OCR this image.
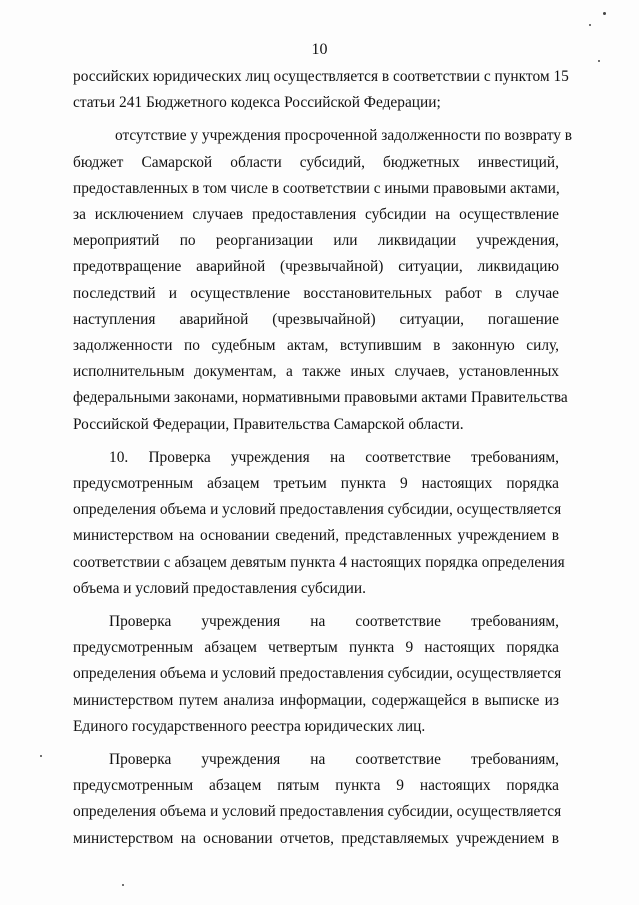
10

российских юридических лиц осуществляется в соответствии с пунктом 15

статьи 241 Бюджетного кодекса Российской Федерации;

отсутствие у учреждения просроченной задолженности по возврату в

бюджет Самарской области субсидий, бюджетных инвестиций,

предоставленных в том числе в соответствии с иными правовыми актами,

за исключением случаев предоставления субсидии на осуществление

мероприятий по реорганизации или ликвидации учреждения,

предотвращение аварийной (чрезвычайной) ситуации, ликвидацию

последствий и осуществление восстановительных работ в случае

наступления аварийной (чрезвычайной) ситуации, погашение

задолженности по судебным актам, вступившим в законную силу,

исполнительным документам, а также иных случаев, установленных

федеральными законами, нормативными правовыми актами Правительства

Российской Федерации, Правительства Самарской области.

10. Проверка учреждения на соответствие требованиям,

предусмотренным абзацем третьим пункта 9 настоящих порядка

определения объема и условий предоставления субсидии, осуществляется

министерством на основании сведений, представленных учреждением в

соответствии с абзацем девятым пункта 4 настоящих порядка определения

объема и условий предоставления субсидии.

Проверка учреждения на соответствие требованиям,

предусмотренным абзацем четвертым пункта 9 настоящих порядка

определения объема и условий предоставления субсидии, осуществляется

министерством путем анализа информации, содержащейся в выписке из

Единого государственного реестра юридических лиц.

Проверка учреждения на соответствие требованиям,

предусмотренным абзацем пятым пункта 9 настоящих порядка

определения объема и условий предоставления субсидии, осуществляется

министерством на основании отчетов, представляемых учреждением в
